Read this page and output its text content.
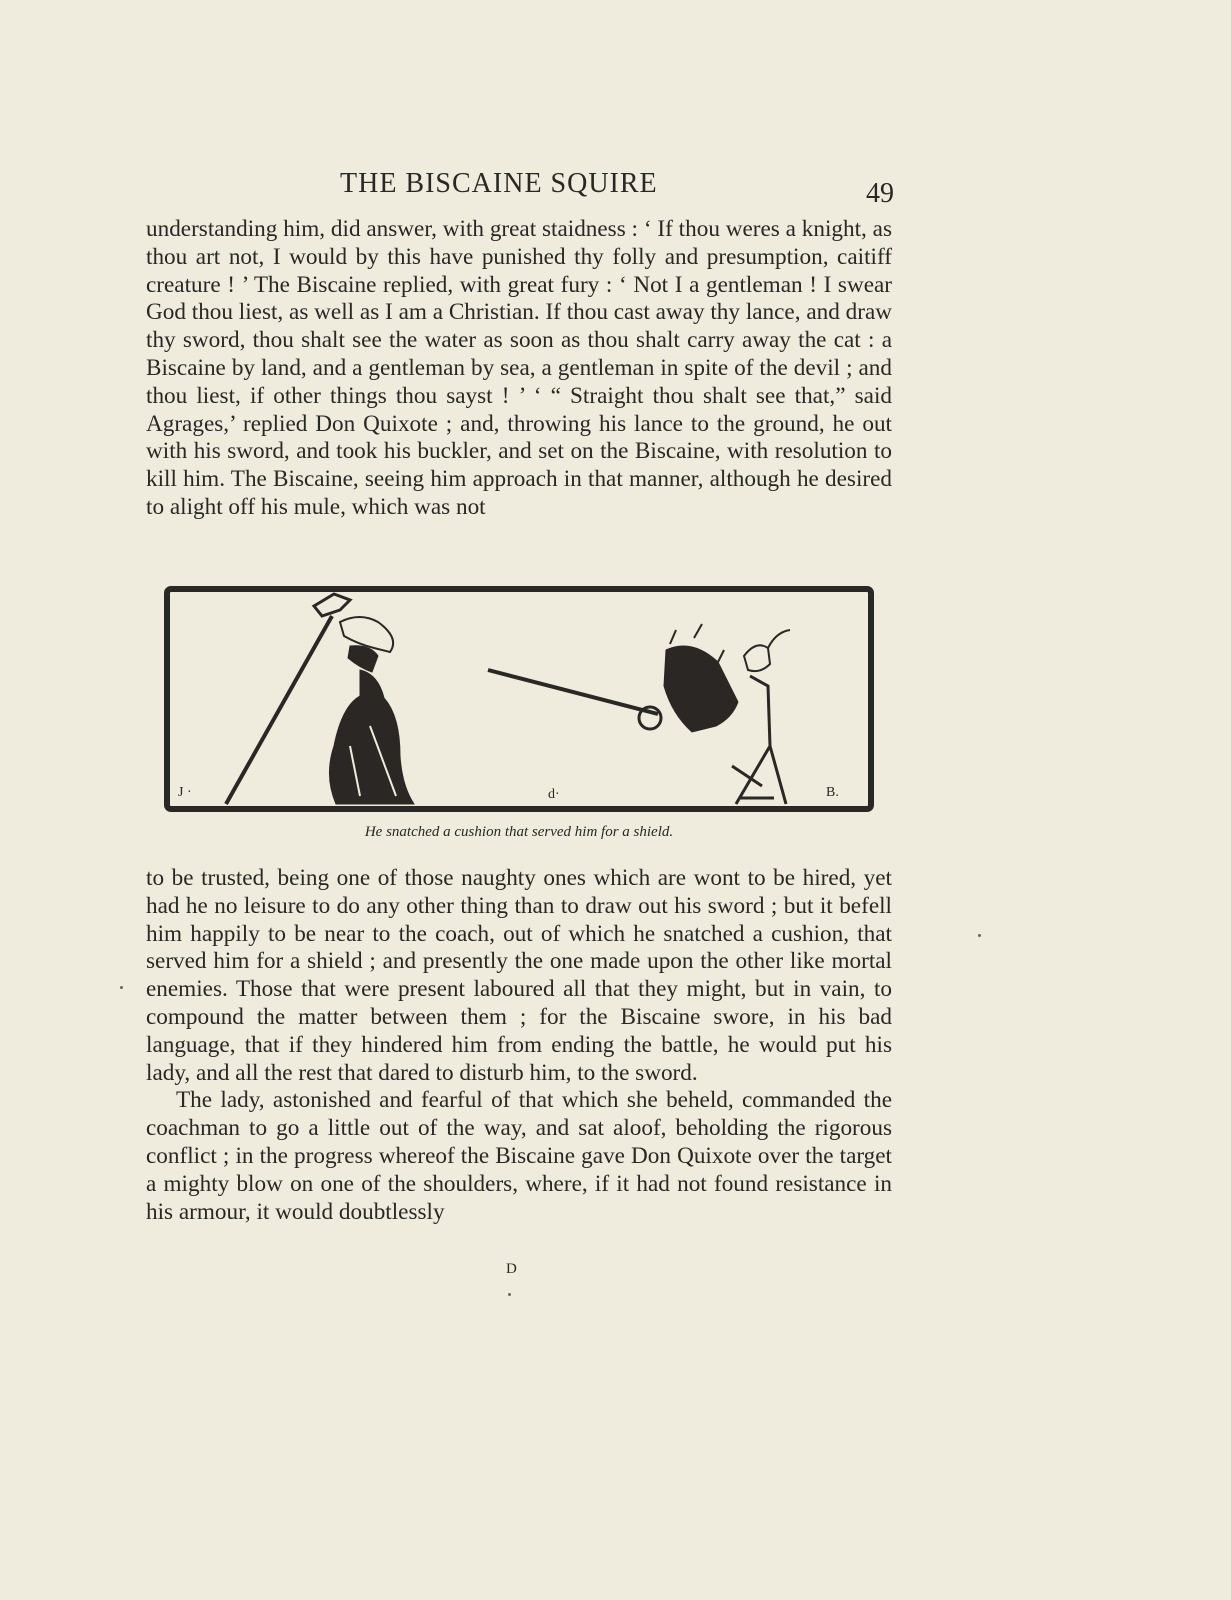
THE BISCAINE SQUIRE	49

understanding him, did answer, with great staidness : ‘ If thou weres a knight, as thou art not, I would by this have punished thy folly and presumption, caitiff creature ! ’ The Biscaine replied, with great fury : ‘ Not I a gentleman ! I swear God thou liest, as well as I am a Christian. If thou cast away thy lance, and draw thy sword, thou shalt see the water as soon as thou shalt carry away the cat : a Biscaine by land, and a gentleman by sea, a gentleman in spite of the devil ; and thou liest, if other things thou sayst ! ’ ‘ “ Straight thou shalt see that,” said Agrages,’ replied Don Quixote ; and, throwing his lance to the ground, he out with his sword, and took his buckler, and set on the Biscaine, with resolution to kill him. The Biscaine, seeing him approach in that manner, although he desired to alight off his mule, which was not

J ·	d·	B.
He snatched a cushion that served him for a shield.

to be trusted, being one of those naughty ones which are wont to be hired, yet had he no leisure to do any other thing than to draw out his sword ; but it befell him happily to be near to the coach, out of which he snatched a cushion, that served him for a shield ; and presently the one made upon the other like mortal enemies. Those that were present laboured all that they might, but in vain, to compound the matter between them ; for the Biscaine swore, in his bad language, that if they hindered him from ending the battle, he would put his lady, and all the rest that dared to disturb him, to the sword.

The lady, astonished and fearful of that which she beheld, commanded the coachman to go a little out of the way, and sat aloof, beholding the rigorous conflict ; in the progress whereof the Biscaine gave Don Quixote over the target a mighty blow on one of the shoulders, where, if it had not found resistance in his armour, it would doubtlessly

D
